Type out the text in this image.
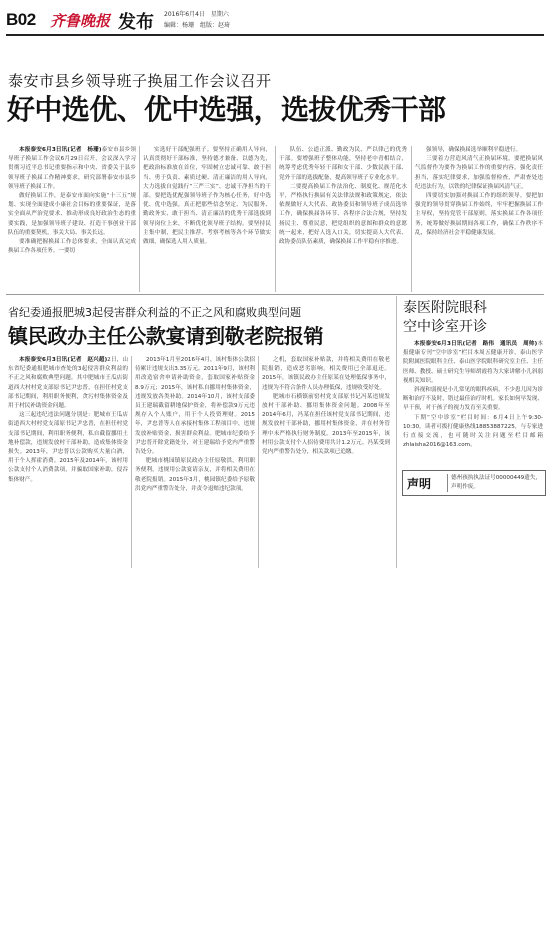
B02 齐鲁晚报 发布 2016年6月4日　星期六
编辑：杨珊　组版：赵琦
泰安市县乡领导班子换届工作会议召开
好中选优、优中选强，选拔优秀干部

本报泰安6月3日讯(记者　杨珊)泰安市县乡领导班子换届工作会议6月29日召开，会议深入学习贯彻习近平总书记重要指示和中央、省委关于县乡领导班子换届工作精神要求，研究部署泰安市县乡领导班子换届工作。

做好换届工作，是泰安市面向实施“十三五”规划、实现全面建成小康社会目标的重要保证，是落实全面从严治党要求、推动形成良好政治生态的重要实践，是加强领导班子建设、打造干事创业干部队伍的重要契机，事关大局、事关长远。

要准确把握换届工作总体要求，全面认真完成换届工作各项任务。一要切

实选好干部配强班子。要坚持正确用人导向，认真贯彻好干部标准，坚持德才兼备、以德为先，把政治标准放在首位，牢固树立忠诚可靠、敢于担当、勇于负责、素质过硬、清正廉洁的用人导向，大力选拔自觉践行“三严三实”、忠诚干净担当的干部。要把选优配强领导班子作为核心任务，好中选优、优中选强，真正把那些信念坚定、为民服务、勤政务实、敢于担当、清正廉洁的优秀干部选拔到领导岗位上来，不断优化领导班子结构。要坚持民主集中制，把民主推荐、考察考核等各个环节做实做细，确保选人用人质量。

队伍、公道正派、勤政为民、严以律己的优秀干部。要增强班子整体功能，坚持老中青相结合，统筹考虑优秀年轻干部和女干部、少数民族干部、党外干部的选拔配备，提高领导班子专业化水平。

二要提高换届工作法治化、制度化、规范化水平，严格执行换届有关法律法规和政策规定，依法依规做好人大代表、政协委员和领导班子成员选举工作，确保换届各环节、各程序合法合规，坚持发扬民主、尊重民意，把党组织的意图和群众的意愿统一起来，把好人选入口关，切实提高人大代表、政协委员队伍素质，确保换届工作平稳有序推进。

强领导，确保换届选举顺利平稳进行。

三要着力营造风清气正换届环境。要把换届风气监督作为要作为换届工作的重要内容，强化责任担当，落实纪律要求，加强监督检查，严肃查处违纪违法行为，以铁的纪律保证换届风清气正。

四要切实加强对换届工作的组织领导。要把加强党的领导贯穿换届工作始终，牢牢把握换届工作主导权，坚持党管干部原则，落实换届工作各项任务，统筹做好换届期间各项工作，确保工作秩序不乱，保持经济社会平稳健康发展。

省纪委通报肥城3起侵害群众利益的不正之风和腐败典型问题
镇民政办主任公款宴请到敬老院报销

本报泰安6月3日讯(记者　赵兴超)2日，山东省纪委通报肥城市查处的3起侵害群众利益的不正之风和腐败典型问题。其中肥城市王瓜店街道西大村村党支部原书记尹忠普，在担任村党支部书记期间，利用职务便利，贪污村集体资金及用于村民补助资金问题。

这三起违纪违法问题分别是：肥城市王瓜店街道西大村村党支部原书记尹忠普，在担任村党支部书记期间，利用职务便利，私自截留挪用土地补偿款，违规发放村干部补助，造成集体资金损失。2013年，尹忠普以公款购买大量白酒，用于个人挥霍消费。2015年及2014年，该村用公款支付个人消费款项，并骗取国家补助，侵吞集体财产。

2013年1月至2016年4月，该村集体公款招待累计违规支出3.35万元。2011年9月，该村利用改造宿舍申请补助资金，套取国家补贴资金8.9万元；2015年，该村私自挪用村集体资金，违规发放各类补助。2014年10月，该村支部委员王建瑞截留耕地保护资金，将补偿款9万元违规存入个人账户，用于个人投资理财。2015年，尹忠普等人在承接村集体工程项目中，违规发放补贴资金，损害群众利益。肥城市纪委给予尹忠普开除党籍处分，对王建瑞给予党内严重警告处分。

肥城市桃园镇原民政办主任原敬洪，利用职务便利，违规用公款宴请亲友，并将相关费用在敬老院报销。2015年3月，桃园镇纪委给予原敬洪党内严重警告处分，并责令退赔违纪款项。

之机，套取国家补贴款，并将相关费用在敬老院报销，造成恶劣影响。相关费用已全部退还。2015年，该镇民政办主任原某在处理低保事务中，违规为不符合条件人员办理低保，违规收受好处。

肥城市石横镇前窑村党支部原书记冯某违规发放村干部补助、挪用集体资金问题。2008年至2014年6月，冯某在担任该村党支部书记期间，违规发放村干部补助，挪用村集体资金，并在村务管理中未严格执行财务制度。2013年至2015年，该村用公款支付个人招待费用共计1.2万元。冯某受到党内严重警告处分，相关款项已追缴。

泰医附院眼科
空中诊室开诊

本报泰安6月3日讯(记者　路伟　通讯员　周帅)本报健康专刊“空中诊室”栏目本周五健康开诊，泰山医学院附属医院眼科主任、泰山医学院眼科研究室主任、主任医师、教授、硕士研究生导师胡霞将为大家讲解小儿斜弱视相关知识。

斜视和弱视是小儿常见的眼科疾病，不少患儿因为诊断和治疗不及时，错过最佳治疗时机。家长如何早发现、早干预，对于孩子的视力发育至关重要。

下期“空中诊室”栏目时间：6月4日上午9:30-10:30，读者可拨打健康热线18853887225，与专家进行直接交流，也可随时关注问题至栏目邮箱zhlaisha2016@163.com。

声明	德州孩执执法证号00000449遗失，声明作废。
